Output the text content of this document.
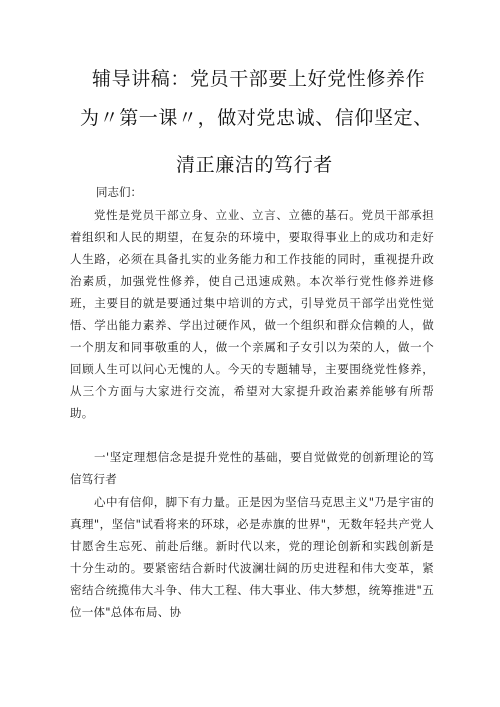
辅导讲稿：党员干部要上好党性修养作
为〃第一课〃，做对党忠诚、信仰坚定、
清正廉洁的笃行者
同志们：

党性是党员干部立身、立业、立言、立德的基石。党员干部承担着组织和人民的期望，在复杂的环境中，要取得事业上的成功和走好人生路，必须在具备扎实的业务能力和工作技能的同时，重视提升政治素质，加强党性修养，使自己迅速成熟。本次举行党性修养进修班，主要目的就是要通过集中培训的方式，引导党员干部学出党性觉悟、学出能力素养、学出过硬作风，做一个组织和群众信赖的人，做一个朋友和同事敬重的人，做一个亲属和子女引以为荣的人，做一个回顾人生可以问心无愧的人。今天的专题辅导，主要围绕党性修养，从三个方面与大家进行交流，希望对大家提升政治素养能够有所帮助。

一'坚定理想信念是提升党性的基础，要自觉做党的创新理论的笃信笃行者

心中有信仰，脚下有力量。正是因为坚信马克思主义"乃是宇宙的真理"，坚信"试看将来的环球，必是赤旗的世界"，无数年轻共产党人甘愿舍生忘死、前赴后继。新时代以来，党的理论创新和实践创新是十分生动的。要紧密结合新时代波澜壮阔的历史进程和伟大变革，紧密结合统揽伟大斗争、伟大工程、伟大事业、伟大梦想，统筹推进"五位一体"总体布局、协
